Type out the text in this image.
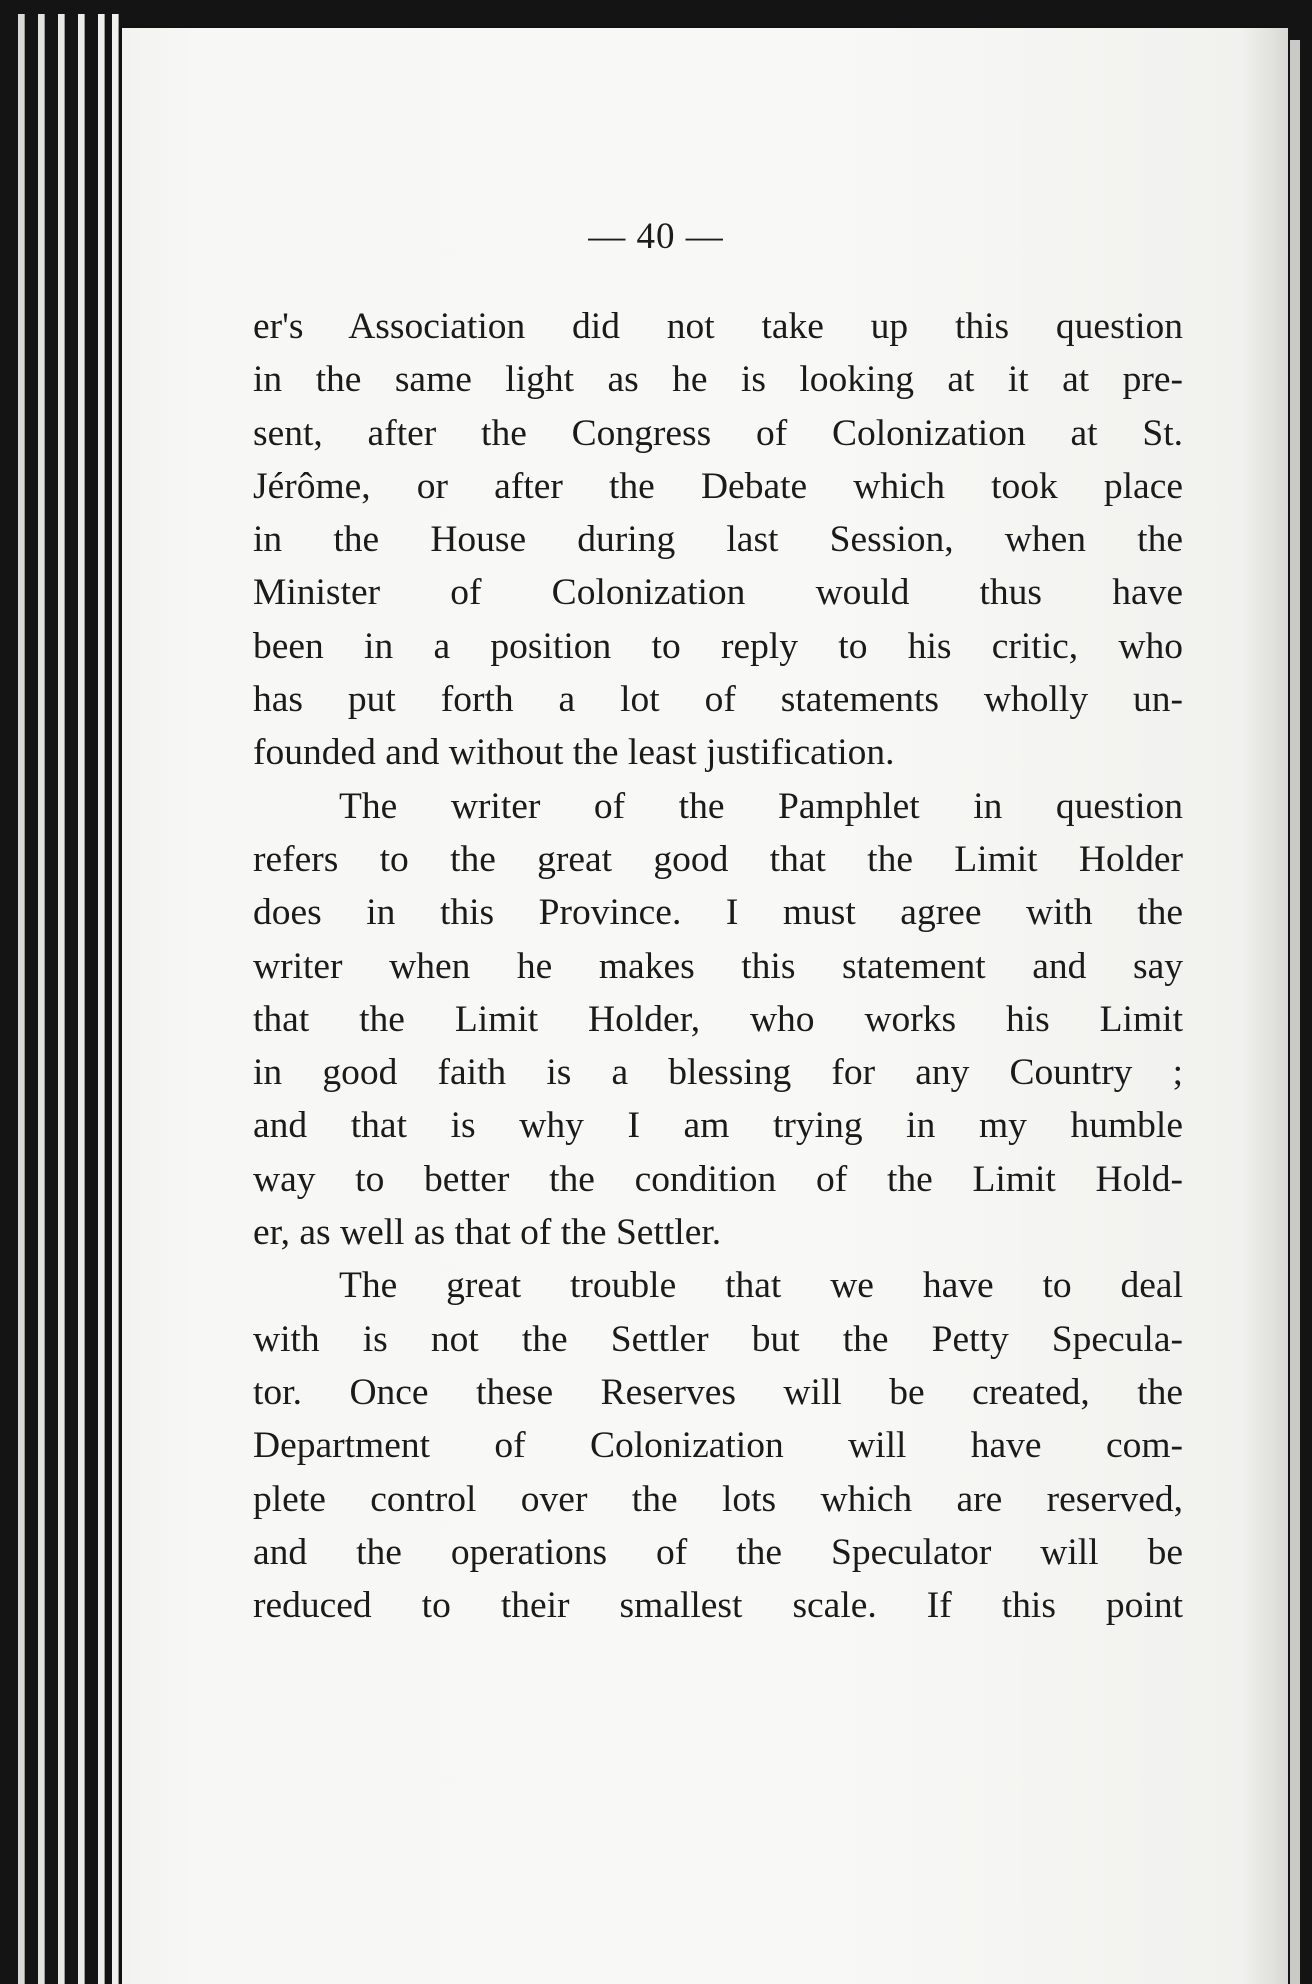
— 40 —

er's Association did not take up this question

in the same light as he is looking at it at pre-

sent, after the Congress of Colonization at St.

Jérôme, or after the Debate which took place

in the House during last Session, when the

Minister of Colonization would thus have

been in a position to reply to his critic, who

has put forth a lot of statements wholly un-

founded and without the least justification.

The writer of the Pamphlet in question

refers to the great good that the Limit Holder

does in this Province. I must agree with the

writer when he makes this statement and say

that the Limit Holder, who works his Limit

in good faith is a blessing for any Country ;

and that is why I am trying in my humble

way to better the condition of the Limit Hold-

er, as well as that of the Settler.

The great trouble that we have to deal

with is not the Settler but the Petty Specula-

tor. Once these Reserves will be created, the

Department of Colonization will have com-

plete control over the lots which are reserved,

and the operations of the Speculator will be

reduced to their smallest scale. If this point
